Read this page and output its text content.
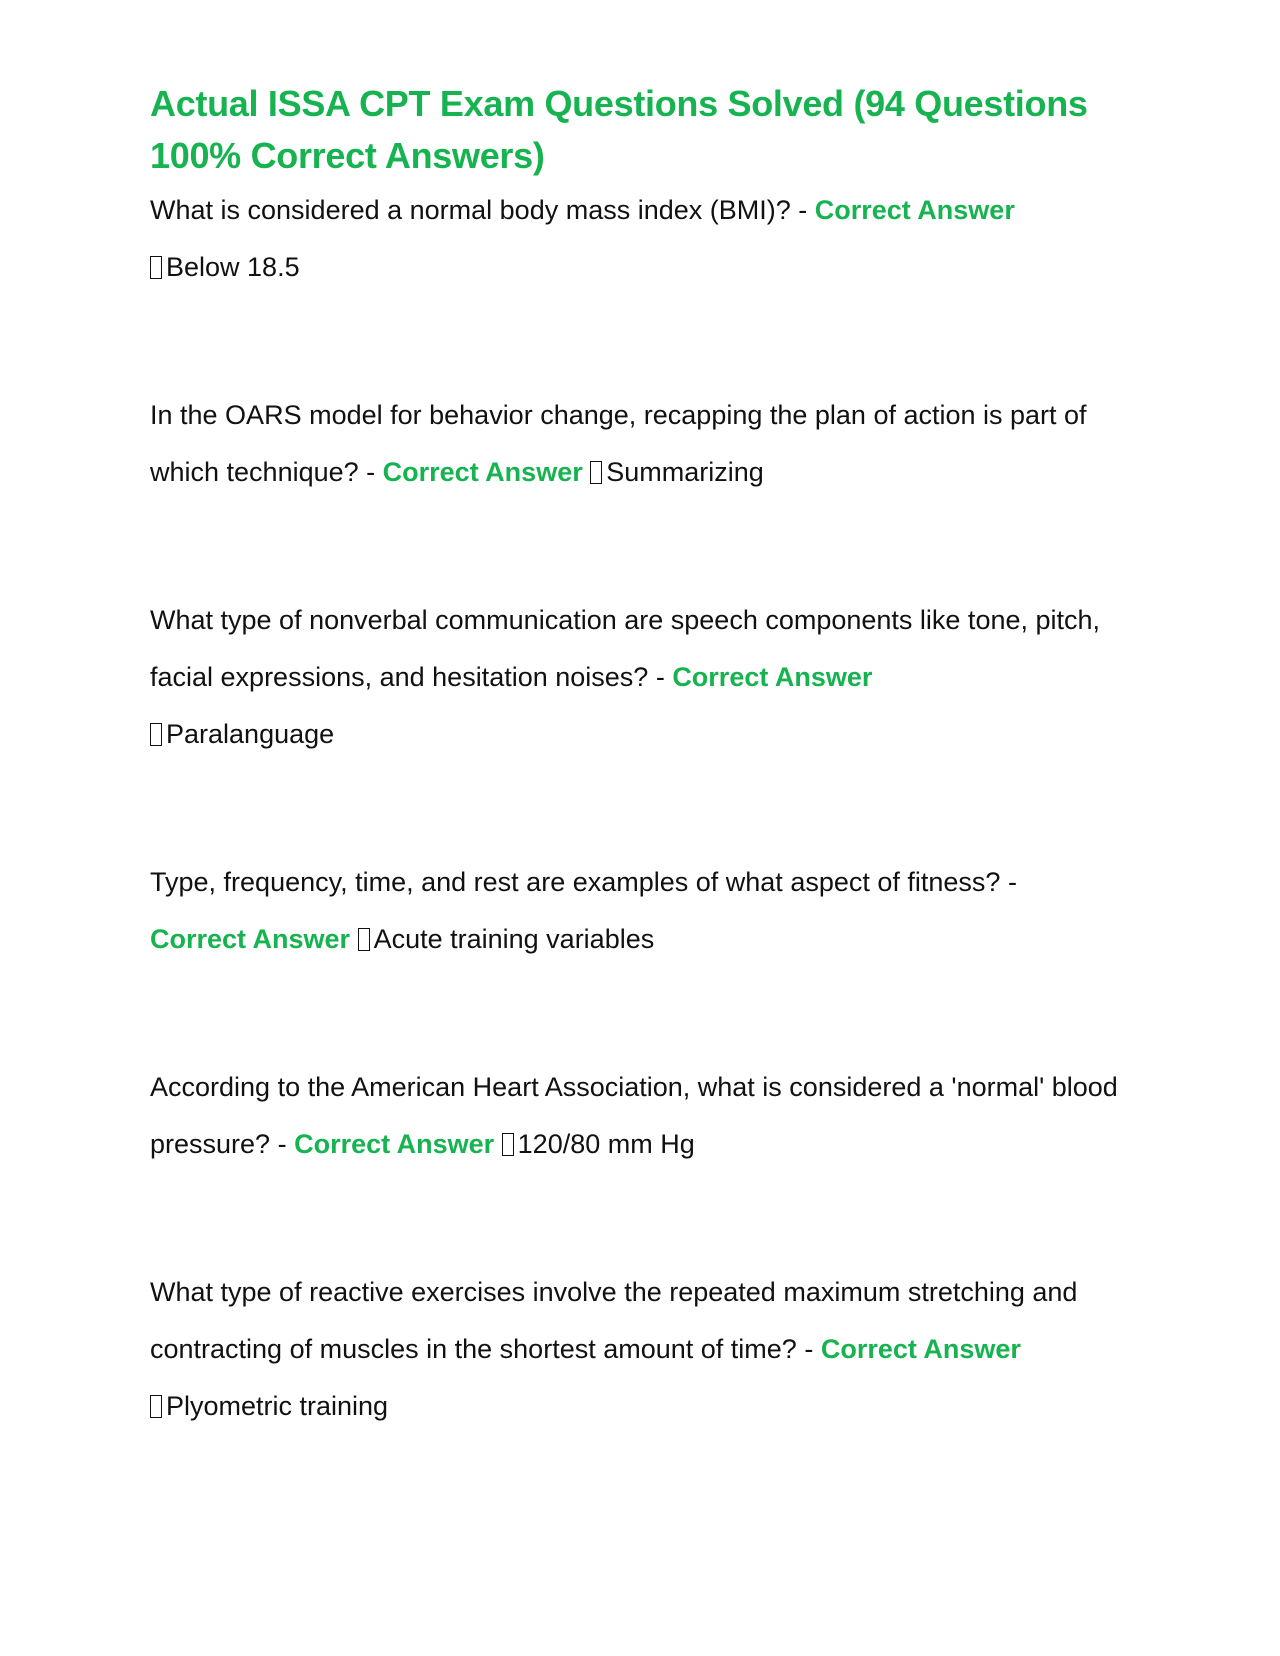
Actual ISSA CPT Exam Questions Solved (94 Questions 100% Correct Answers)

What is considered a normal body mass index (BMI)? - Correct Answer
Below 18.5

In the OARS model for behavior change, recapping the plan of action is part of which technique? - Correct Answer Summarizing

What type of nonverbal communication are speech components like tone, pitch, facial expressions, and hesitation noises? - Correct Answer
Paralanguage

Type, frequency, time, and rest are examples of what aspect of fitness? -
Correct Answer Acute training variables

According to the American Heart Association, what is considered a 'normal' blood pressure? - Correct Answer 120/80 mm Hg

What type of reactive exercises involve the repeated maximum stretching and contracting of muscles in the shortest amount of time? - Correct Answer
Plyometric training
